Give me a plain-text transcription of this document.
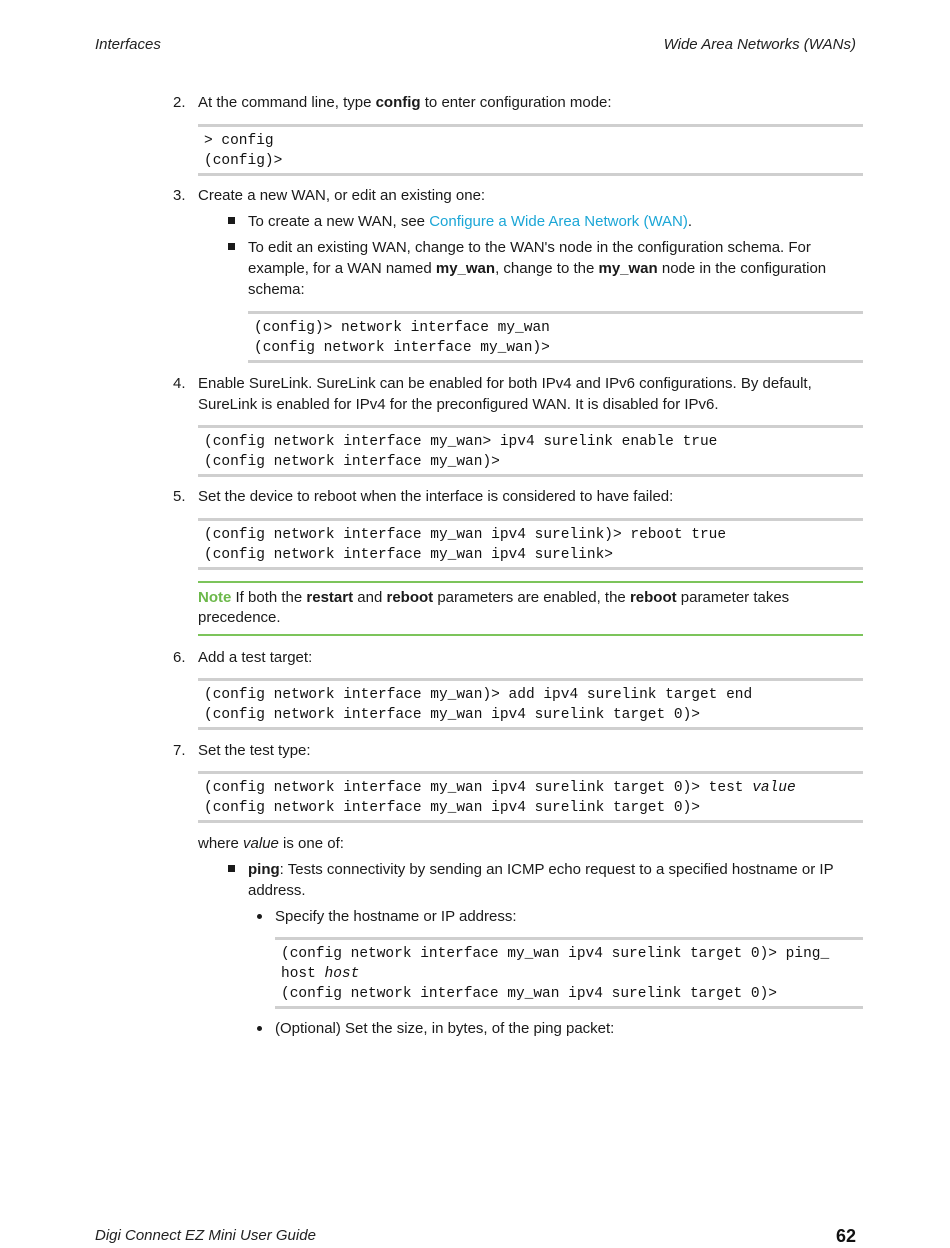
Interfaces	Wide Area Networks (WANs)
2. At the command line, type config to enter configuration mode:
> config
(config)>
3. Create a new WAN, or edit an existing one:
To create a new WAN, see Configure a Wide Area Network (WAN).
To edit an existing WAN, change to the WAN's node in the configuration schema. For
example, for a WAN named my_wan, change to the my_wan node in the configuration
schema:
(config)> network interface my_wan
(config network interface my_wan)>
4. Enable SureLink. SureLink can be enabled for both IPv4 and IPv6 configurations. By default,
SureLink is enabled for IPv4 for the preconfigured WAN. It is disabled for IPv6.
(config network interface my_wan> ipv4 surelink enable true
(config network interface my_wan)>
5. Set the device to reboot when the interface is considered to have failed:
(config network interface my_wan ipv4 surelink)> reboot true
(config network interface my_wan ipv4 surelink>
Note If both the restart and reboot parameters are enabled, the reboot parameter takes
precedence.
6. Add a test target:
(config network interface my_wan)> add ipv4 surelink target end
(config network interface my_wan ipv4 surelink target 0)>
7. Set the test type:
(config network interface my_wan ipv4 surelink target 0)> test value
(config network interface my_wan ipv4 surelink target 0)>
where value is one of:
ping: Tests connectivity by sending an ICMP echo request to a specified hostname or IP
address.
Specify the hostname or IP address:
(config network interface my_wan ipv4 surelink target 0)> ping_
host host
(config network interface my_wan ipv4 surelink target 0)>
(Optional) Set the size, in bytes, of the ping packet:
Digi Connect EZ Mini User Guide	62
